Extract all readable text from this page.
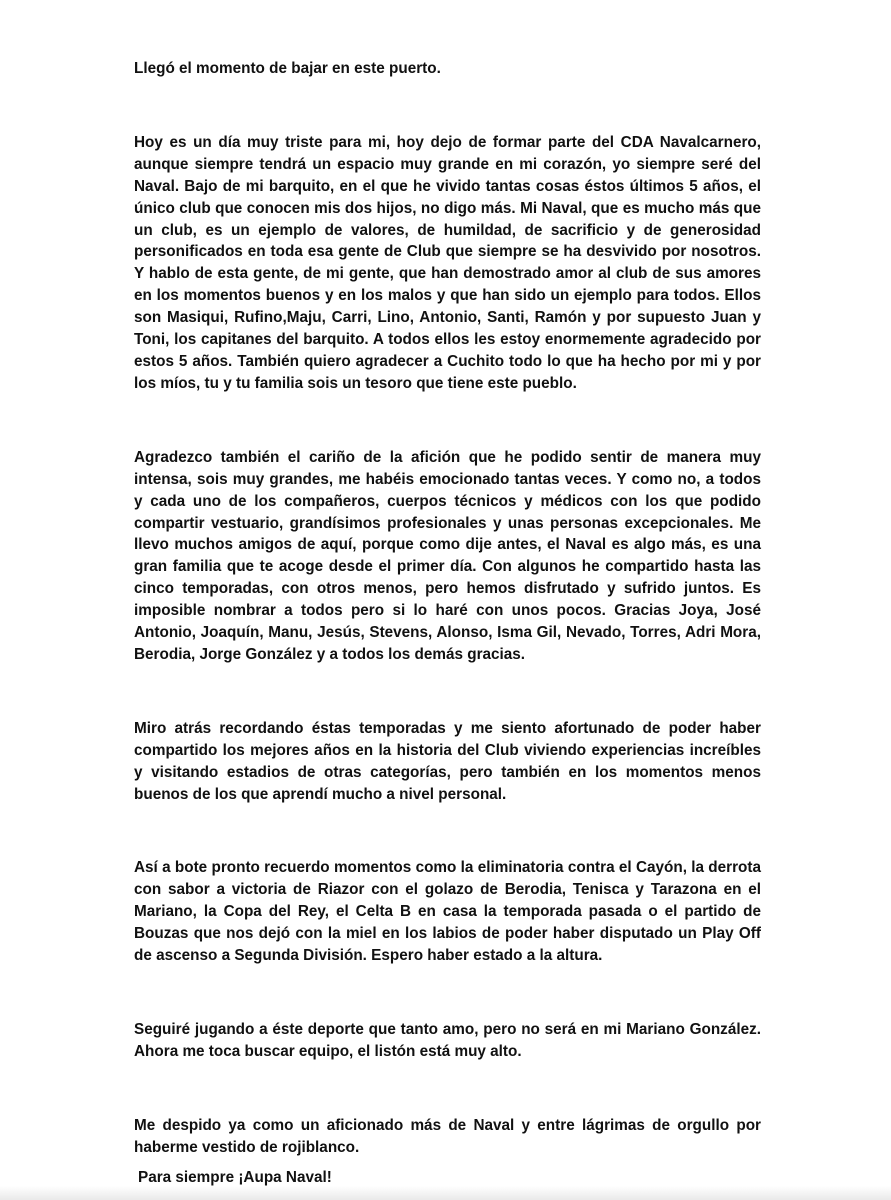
Llegó el momento de bajar en este puerto.

Hoy es un día muy triste para mi, hoy dejo de formar parte del CDA Navalcarnero, aunque siempre tendrá un espacio muy grande en mi corazón, yo siempre seré del Naval. Bajo de mi barquito, en el que he vivido tantas cosas éstos últimos 5 años, el único club que conocen mis dos hijos, no digo más. Mi Naval, que es mucho más que un club, es un ejemplo de valores, de humildad, de sacrificio y de generosidad personificados en toda esa gente de Club que siempre se ha desvivido por nosotros. Y hablo de esta gente, de mi gente, que han demostrado amor al club de sus amores en los momentos buenos y en los malos y que han sido un ejemplo para todos. Ellos son Masiqui, Rufino,Maju, Carri, Lino, Antonio, Santi, Ramón y por supuesto Juan y Toni, los capitanes del barquito. A todos ellos les estoy enormemente agradecido por estos 5 años. También quiero agradecer a Cuchito todo lo que ha hecho por mi y por los míos, tu y tu familia sois un tesoro que tiene este pueblo.

Agradezco también el cariño de la afición que he podido sentir de manera muy intensa, sois muy grandes, me habéis emocionado tantas veces. Y como no, a todos y cada uno de los compañeros, cuerpos técnicos y médicos con los que podido compartir vestuario, grandísimos profesionales y unas personas excepcionales. Me llevo muchos amigos de aquí, porque como dije antes, el Naval es algo más, es una gran familia que te acoge desde el primer día. Con algunos he compartido hasta las cinco temporadas, con otros menos, pero hemos disfrutado y sufrido juntos. Es imposible nombrar a todos pero si lo haré con unos pocos. Gracias Joya, José Antonio, Joaquín, Manu, Jesús, Stevens, Alonso, Isma Gil, Nevado, Torres, Adri Mora, Berodia, Jorge González y a todos los demás gracias.

Miro atrás recordando éstas temporadas y me siento afortunado de poder haber compartido los mejores años en la historia del Club viviendo experiencias increíbles y visitando estadios de otras categorías, pero también en los momentos menos buenos de los que aprendí mucho a nivel personal.

Así a bote pronto recuerdo momentos como la eliminatoria contra el Cayón, la derrota con sabor a victoria de Riazor con el golazo de Berodia, Tenisca y Tarazona en el Mariano, la Copa del Rey, el Celta B en casa la temporada pasada o el partido de Bouzas que nos dejó con la miel en los labios de poder haber disputado un Play Off de ascenso a Segunda División. Espero haber estado a la altura.

Seguiré jugando a éste deporte que tanto amo, pero no será en mi Mariano González. Ahora me toca buscar equipo, el listón está muy alto.

Me despido ya como un aficionado más de Naval y entre lágrimas de orgullo por haberme vestido de rojiblanco.

Para siempre ¡Aupa Naval!
